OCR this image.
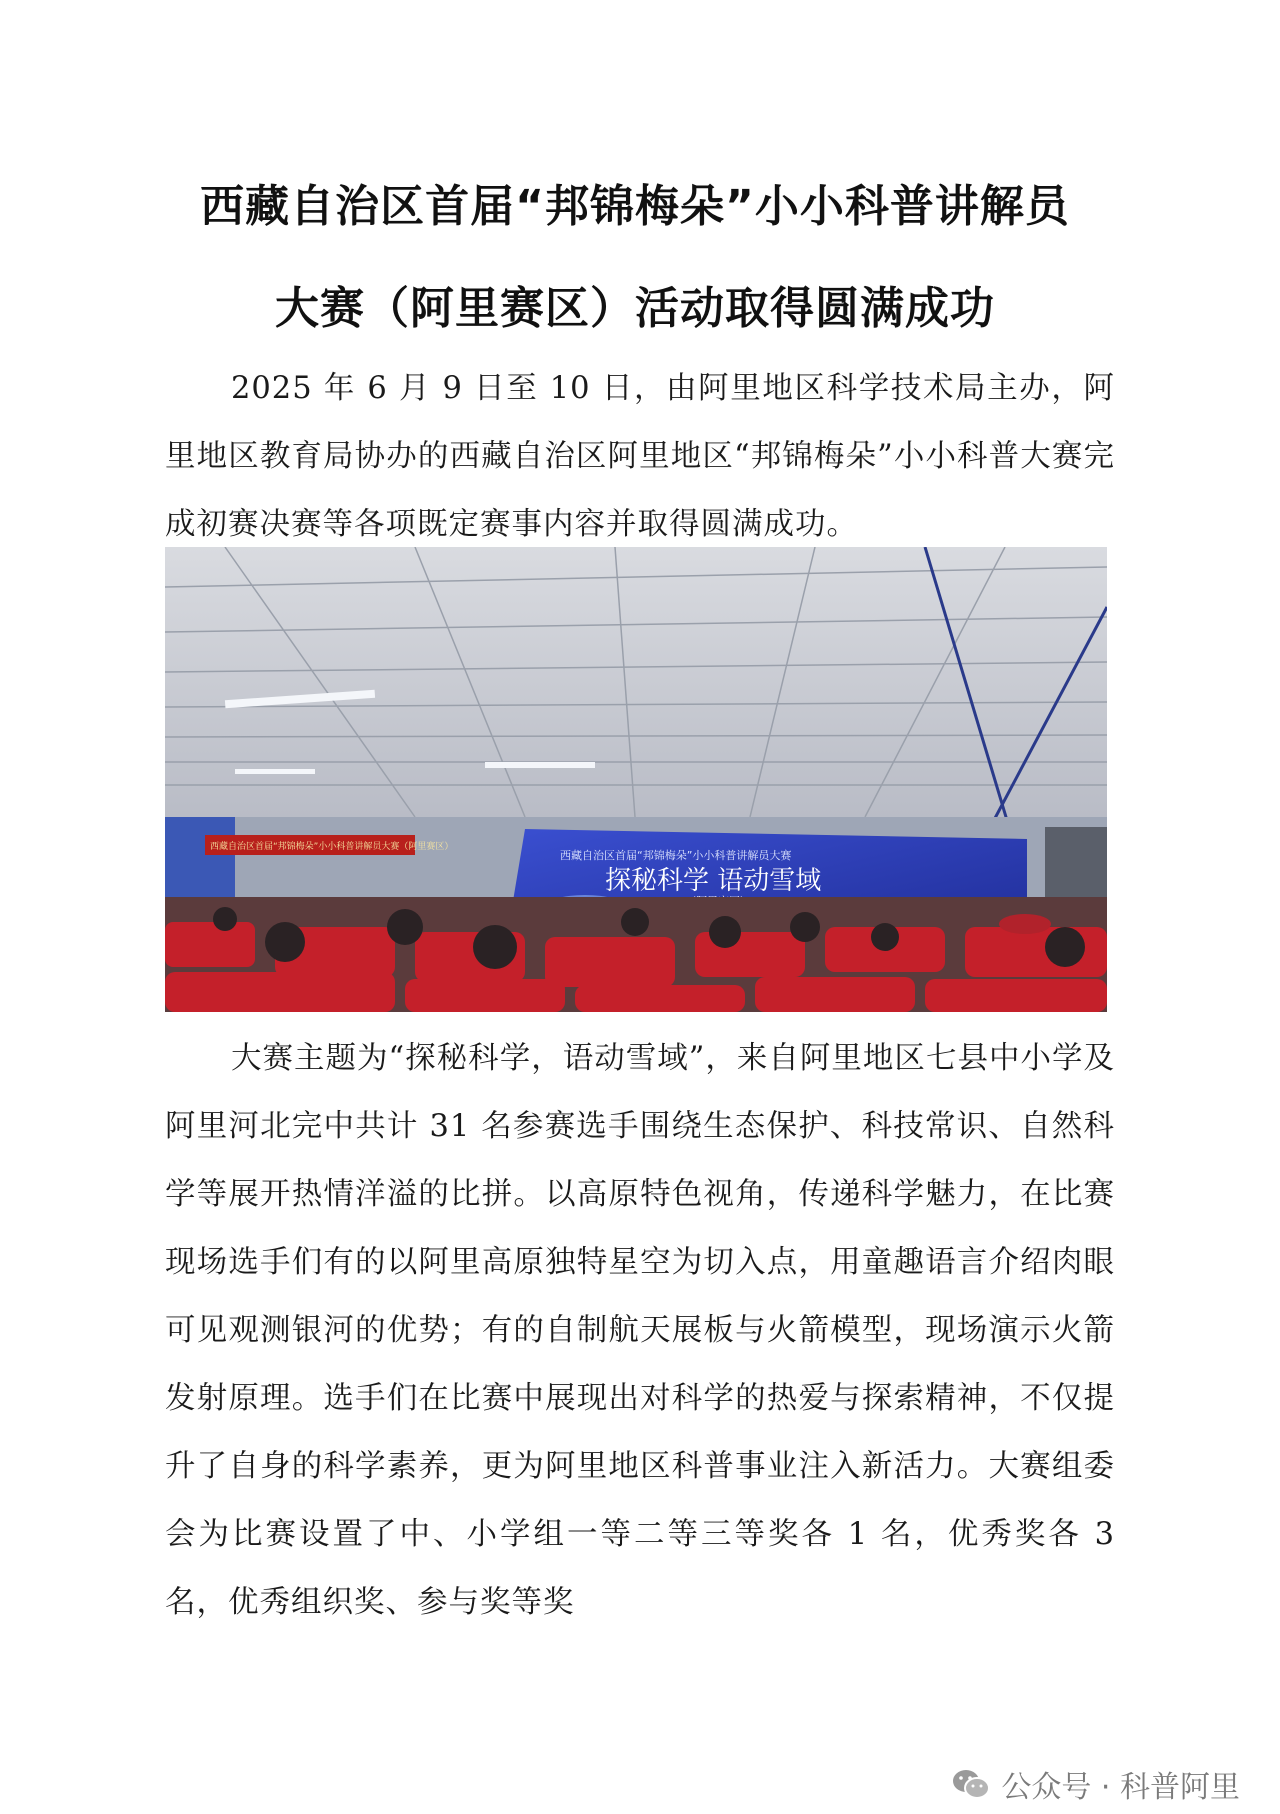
西藏自治区首届“邦锦梅朵”小小科普讲解员
大赛（阿里赛区）活动取得圆满成功

2025 年 6 月 9 日至 10 日，由阿里地区科学技术局主办，阿里地区教育局协办的西藏自治区阿里地区“邦锦梅朵”小小科普大赛完成初赛决赛等各项既定赛事内容并取得圆满成功。

西藏自治区首届“邦锦梅朵”小小科普讲解员大赛（阿里赛区）
西藏自治区首届“邦锦梅朵”小小科普讲解员大赛
探秘科学 语动雪域

大赛主题为“探秘科学，语动雪域”，来自阿里地区七县中小学及阿里河北完中共计 31 名参赛选手围绕生态保护、科技常识、自然科学等展开热情洋溢的比拼。以高原特色视角，传递科学魅力，在比赛现场选手们有的以阿里高原独特星空为切入点，用童趣语言介绍肉眼可见观测银河的优势；有的自制航天展板与火箭模型，现场演示火箭发射原理。选手们在比赛中展现出对科学的热爱与探索精神，不仅提升了自身的科学素养，更为阿里地区科普事业注入新活力。大赛组委会为比赛设置了中、小学组一等二等三等奖各 1 名，优秀奖各 3 名，优秀组织奖、参与奖等奖

公众号 · 科普阿里
